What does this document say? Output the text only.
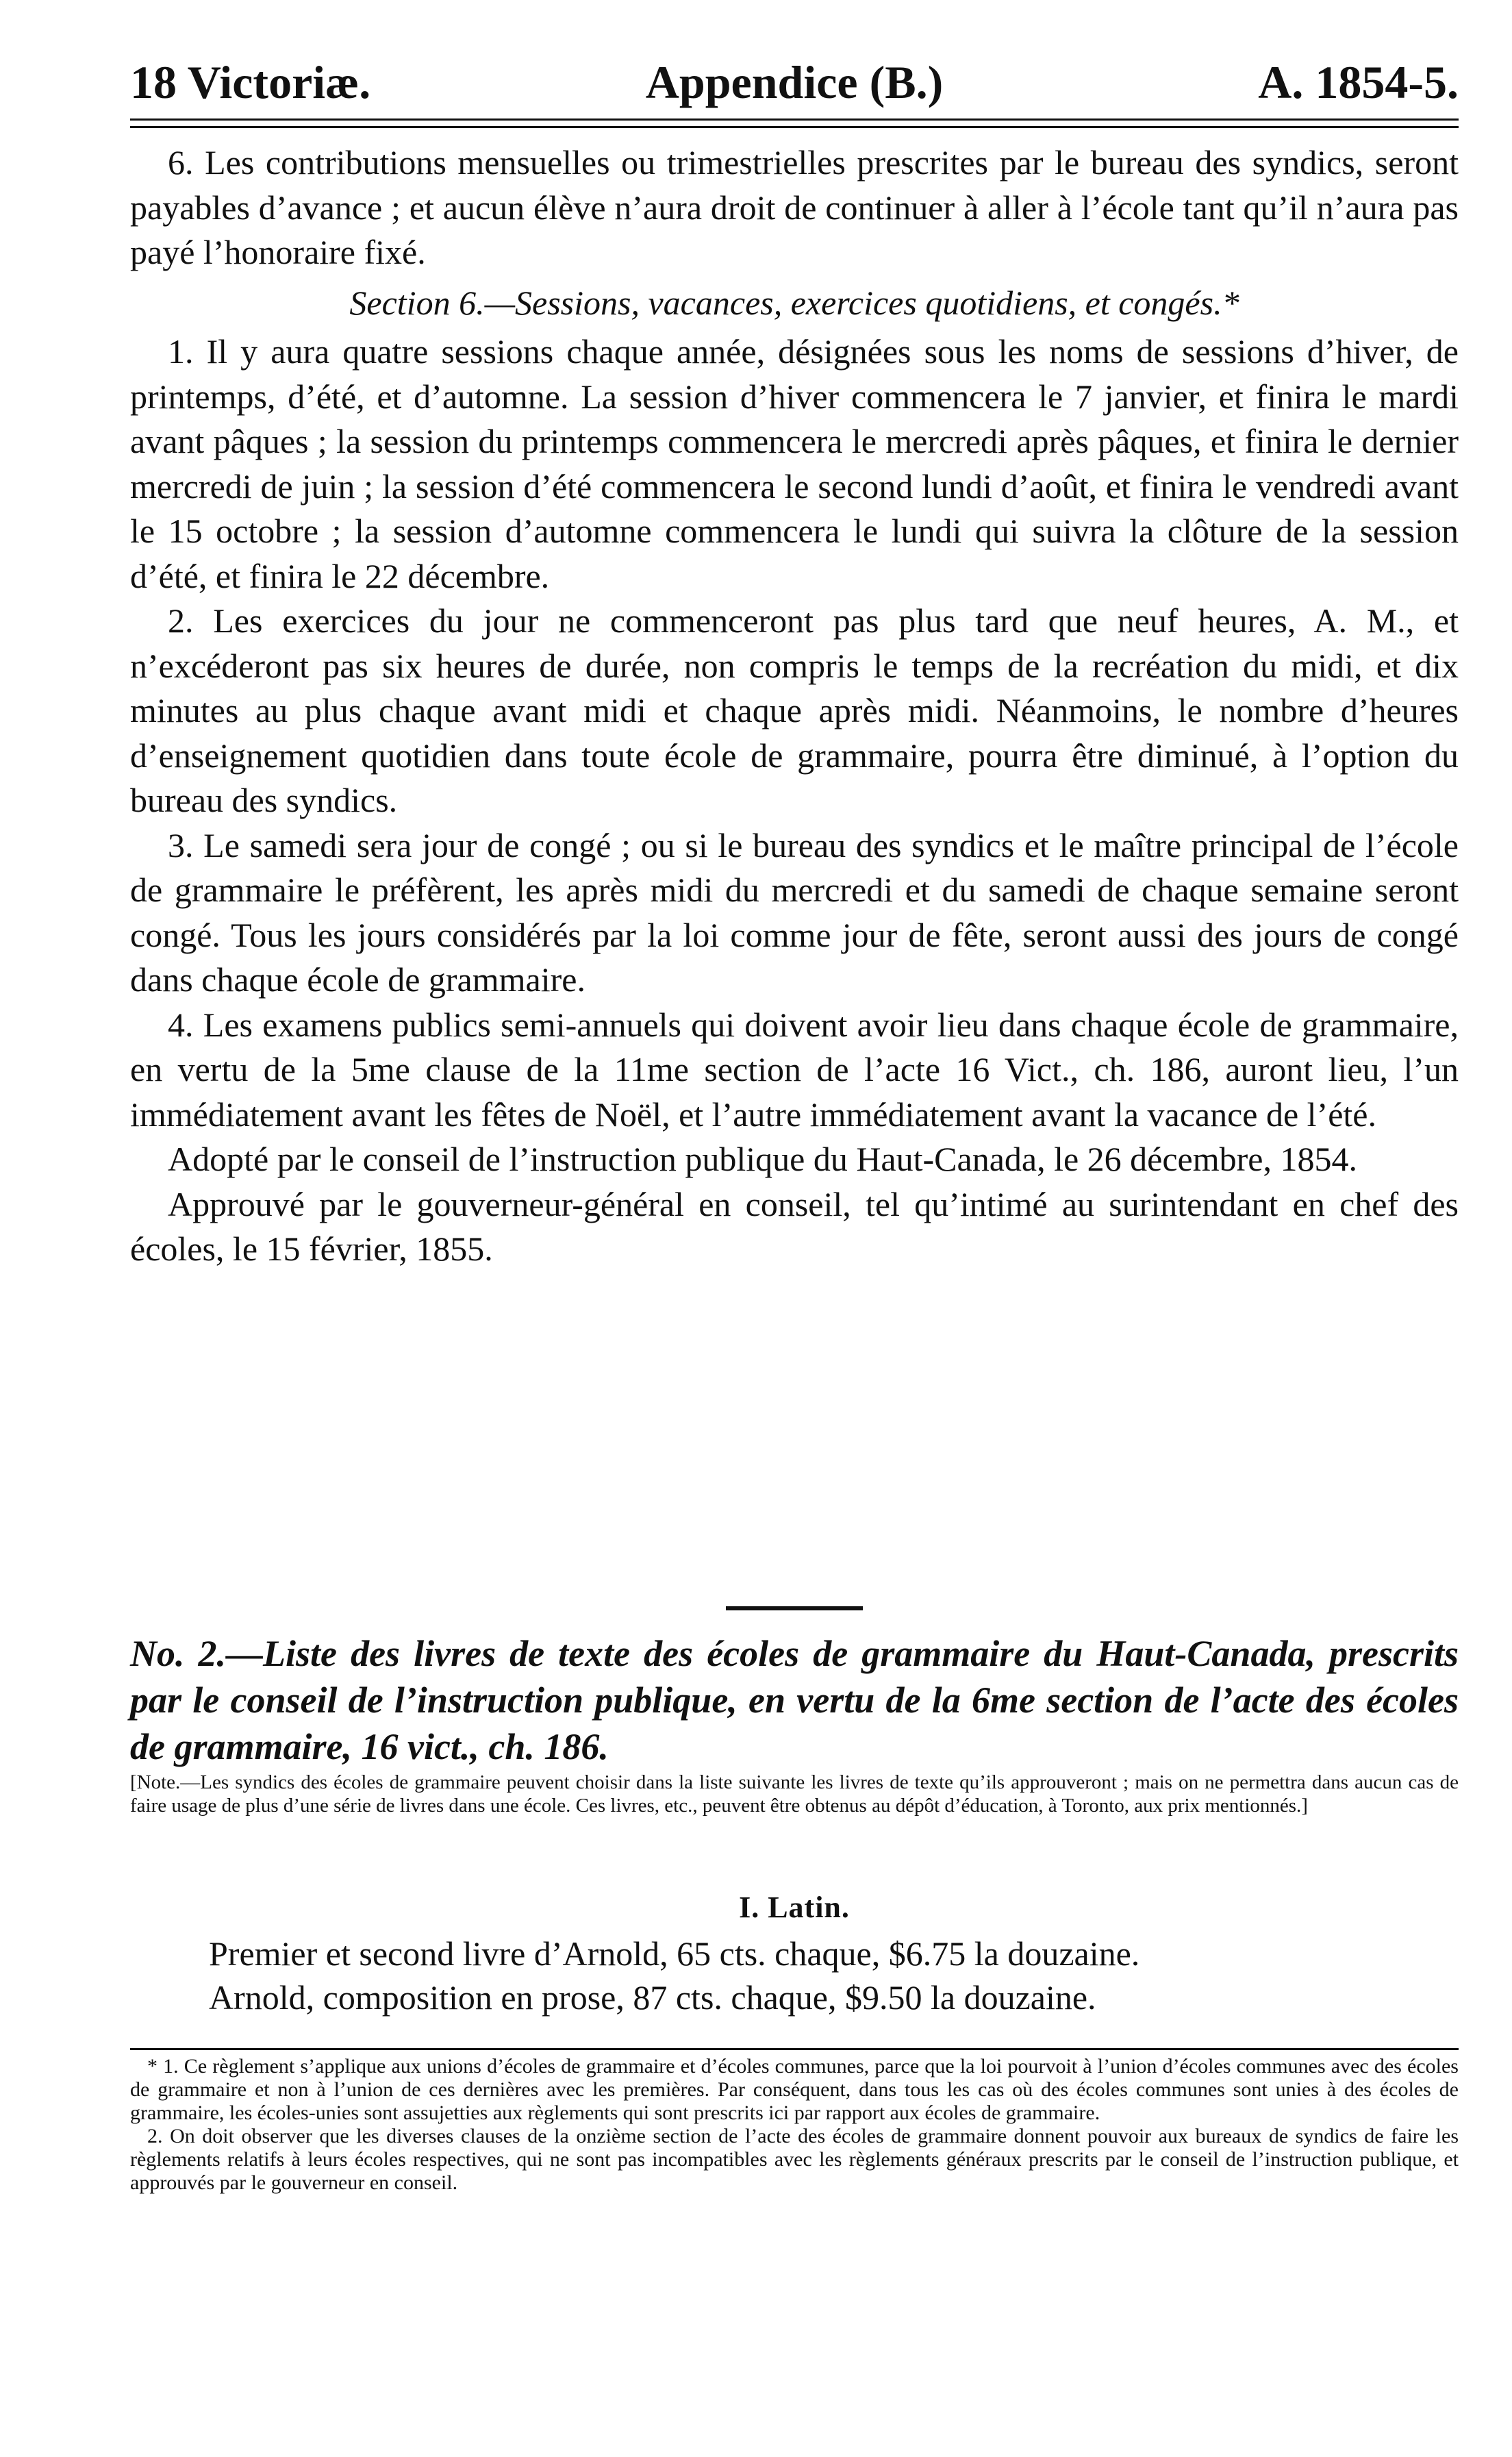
18 Victoriæ.	Appendice (B.)	A. 1854-5.

6. Les contributions mensuelles ou trimestrielles prescrites par le bureau des syndics, seront payables d’avance ; et aucun élève n’aura droit de continuer à aller à l’école tant qu’il n’aura pas payé l’honoraire fixé.

Section 6.—Sessions, vacances, exercices quotidiens, et congés.*

1. Il y aura quatre sessions chaque année, désignées sous les noms de sessions d’hiver, de printemps, d’été, et d’automne. La session d’hiver commencera le 7 janvier, et finira le mardi avant pâques ; la session du printemps commencera le mercredi après pâques, et finira le dernier mercredi de juin ; la session d’été commencera le second lundi d’août, et finira le vendredi avant le 15 octobre ; la session d’automne commencera le lundi qui suivra la clôture de la session d’été, et finira le 22 décembre.

2. Les exercices du jour ne commenceront pas plus tard que neuf heures, A. M., et n’excéderont pas six heures de durée, non compris le temps de la recréation du midi, et dix minutes au plus chaque avant midi et chaque après midi. Néanmoins, le nombre d’heures d’enseignement quotidien dans toute école de grammaire, pourra être diminué, à l’option du bureau des syndics.

3. Le samedi sera jour de congé ; ou si le bureau des syndics et le maître principal de l’école de grammaire le préfèrent, les après midi du mercredi et du samedi de chaque semaine seront congé. Tous les jours considérés par la loi comme jour de fête, seront aussi des jours de congé dans chaque école de grammaire.

4. Les examens publics semi-annuels qui doivent avoir lieu dans chaque école de grammaire, en vertu de la 5me clause de la 11me section de l’acte 16 Vict., ch. 186, auront lieu, l’un immédiatement avant les fêtes de Noël, et l’autre immédiatement avant la vacance de l’été.

Adopté par le conseil de l’instruction publique du Haut-Canada, le 26 décembre, 1854.

Approuvé par le gouverneur-général en conseil, tel qu’intimé au surintendant en chef des écoles, le 15 février, 1855.

No. 2.—Liste des livres de texte des écoles de grammaire du Haut-Canada, prescrits par le conseil de l’instruction publique, en vertu de la 6me section de l’acte des écoles de grammaire, 16 vict., ch. 186.
[Note.—Les syndics des écoles de grammaire peuvent choisir dans la liste suivante les livres de texte qu’ils approuveront ; mais on ne permettra dans aucun cas de faire usage de plus d’une série de livres dans une école. Ces livres, etc., peuvent être obtenus au dépôt d’éducation, à Toronto, aux prix mentionnés.]
I. Latin.
Premier et second livre d’Arnold, 65 cts. chaque, $6.75 la douzaine.
Arnold, composition en prose, 87 cts. chaque, $9.50 la douzaine.

* 1. Ce règlement s’applique aux unions d’écoles de grammaire et d’écoles communes, parce que la loi pourvoit à l’union d’écoles communes avec des écoles de grammaire et non à l’union de ces dernières avec les premières. Par conséquent, dans tous les cas où des écoles communes sont unies à des écoles de grammaire, les écoles-unies sont assujetties aux règlements qui sont prescrits ici par rapport aux écoles de grammaire.

2. On doit observer que les diverses clauses de la onzième section de l’acte des écoles de grammaire donnent pouvoir aux bureaux de syndics de faire les règlements relatifs à leurs écoles respectives, qui ne sont pas incompatibles avec les règlements généraux prescrits par le conseil de l’instruction publique, et approuvés par le gouverneur en conseil.
